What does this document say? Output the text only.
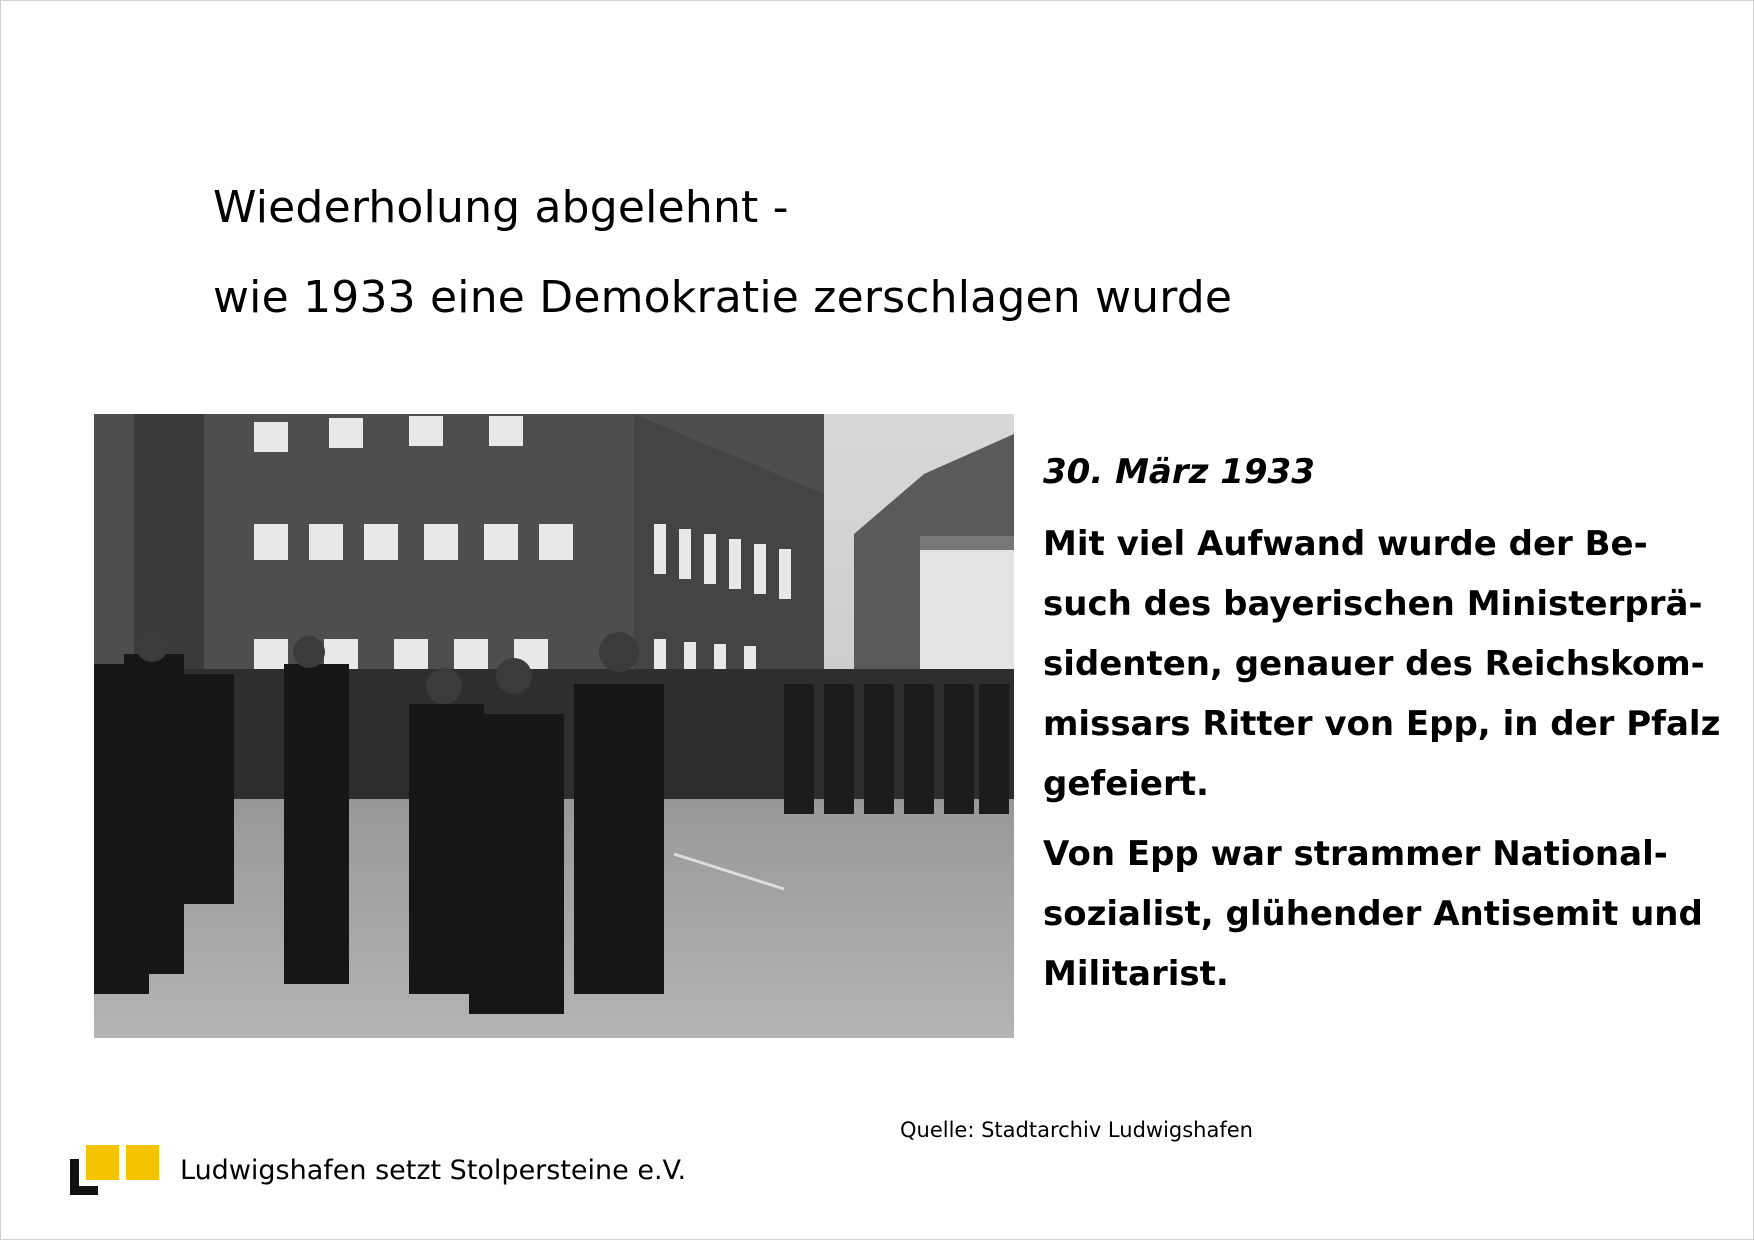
Wiederholung abgelehnt -
wie 1933 eine Demokratie zerschlagen wurde
30. März 1933
Mit viel Aufwand wurde der Be-
such des bayerischen Ministerprä-
sidenten, genauer des Reichskom-
missars Ritter von Epp, in der Pfalz
gefeiert.
Von Epp war strammer National-
sozialist, glühender Antisemit und
Militarist.
Quelle: Stadtarchiv Ludwigshafen
Ludwigshafen setzt Stolpersteine e.V.
